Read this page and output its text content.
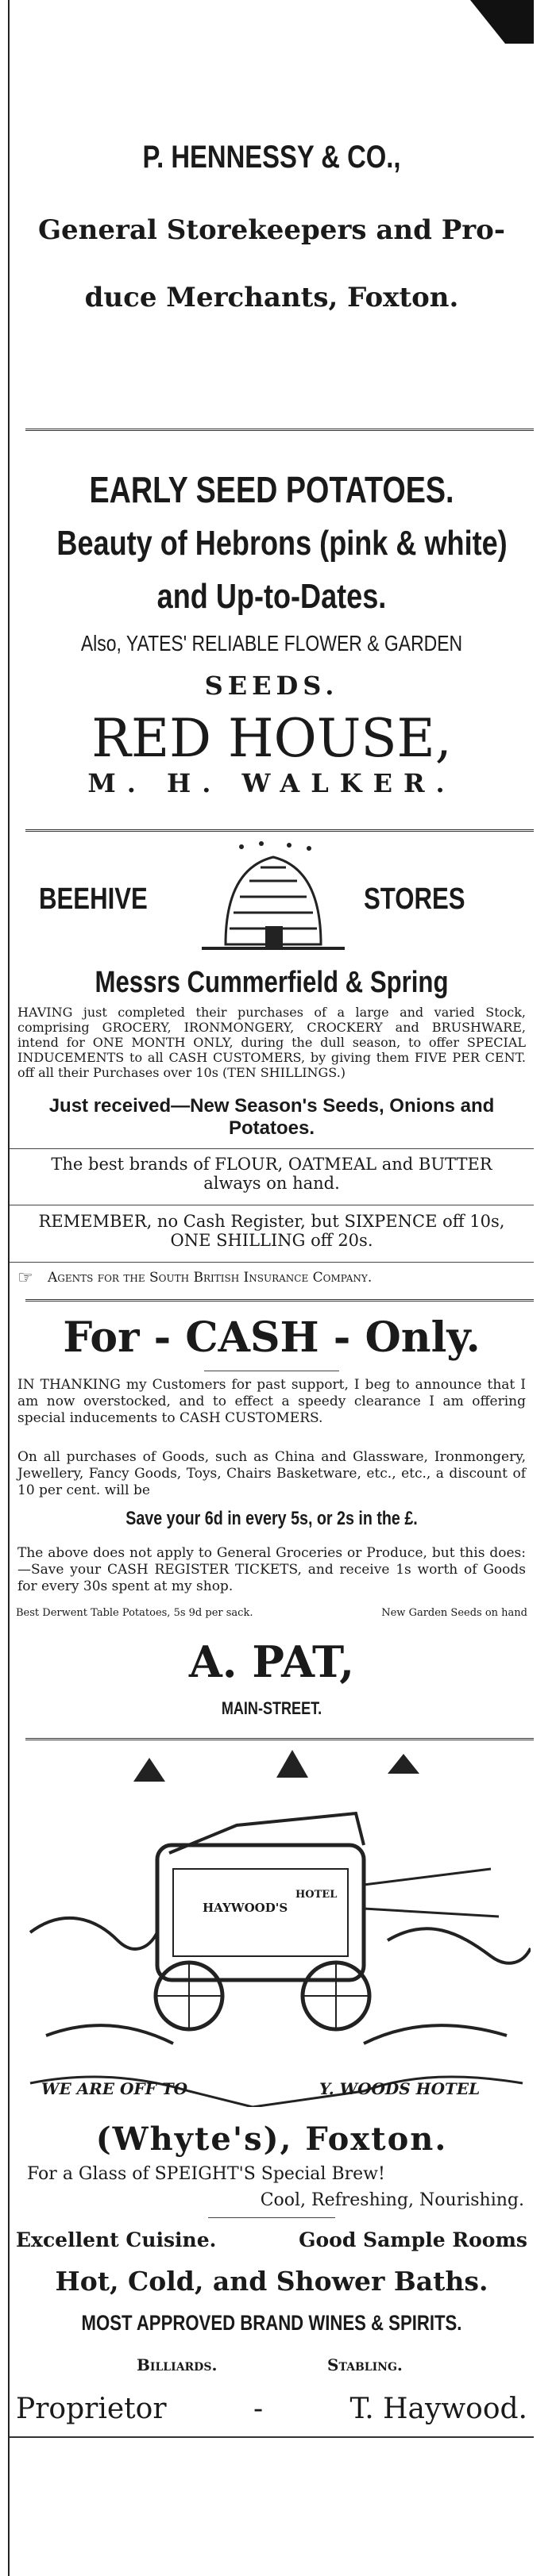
P. HENNESSY & CO.,
General Storekeepers and Pro-
duce Merchants, Foxton.
EARLY SEED POTATOES.
Beauty of Hebrons (pink & white)
and Up-to-Dates.
Also, YATES' RELIABLE FLOWER & GARDEN
SEEDS.
RED HOUSE,
M. H. WALKER.
BEEHIVE	STORES
Messrs Cummerfield & Spring
HAVING just completed their purchases of a large and varied Stock, comprising GROCERY, IRONMONGERY, CROCKERY and BRUSHWARE, intend for ONE MONTH ONLY, during the dull season, to offer SPECIAL INDUCEMENTS to all CASH CUSTOMERS, by giving them FIVE PER CENT. off all their Purchases over 10s (TEN SHILLINGS.)
Just received—New Season's Seeds, Onions and Potatoes.
The best brands of FLOUR, OATMEAL and BUTTER always on hand.
REMEMBER, no Cash Register, but SIXPENCE off 10s, ONE SHILLING off 20s.
☞ Agents for the South British Insurance Company.
For - CASH - Only.
IN THANKING my Customers for past support, I beg to announce that I am now overstocked, and to effect a speedy clearance I am offering special inducements to CASH CUSTOMERS.
On all purchases of Goods, such as China and Glassware, Ironmongery, Jewellery, Fancy Goods, Toys, Chairs Basketware, etc., etc., a discount of 10 per cent. will be
Save your 6d in every 5s, or 2s in the £.
The above does not apply to General Groceries or Produce, but this does:—Save your CASH REGISTER TICKETS, and receive 1s worth of Goods for every 30s spent at my shop.
Best Derwent Table Potatoes, 5s 9d per sack.	New Garden Seeds on hand
A. PAT,
MAIN-STREET.
HAYWOOD'S
HOTEL
WE ARE OFF TO	Y. WOODS HOTEL
(Whyte's), Foxton.
For a Glass of SPEIGHT'S Special Brew!
Cool, Refreshing, Nourishing.
Excellent Cuisine.	Good Sample Rooms
Hot, Cold, and Shower Baths.
MOST APPROVED BRAND WINES & SPIRITS.
Billiards.	Stabling.
Proprietor	-	T. Haywood.
